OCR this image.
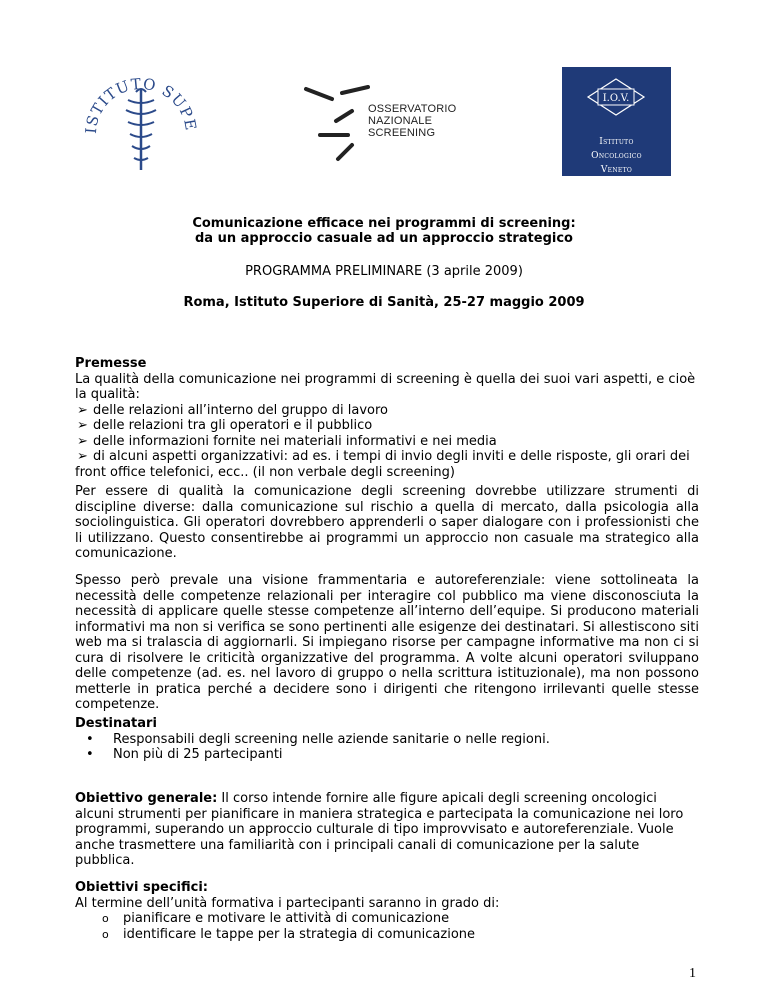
ISTITUTO SUPE
OSSERVATORIO
NAZIONALE
SCREENING
I.O.V.
Istituto
Oncologico
Veneto
Comunicazione efficace nei programmi di screening:
da un approccio casuale ad un approccio strategico
PROGRAMMA PRELIMINARE (3 aprile 2009)
Roma, Istituto Superiore di Sanità, 25-27 maggio 2009
Premesse
La qualità della comunicazione nei programmi di screening è quella dei suoi vari aspetti, e cioè la qualità:
➢ delle relazioni all’interno del gruppo di lavoro
➢ delle relazioni tra gli operatori e il pubblico
➢ delle informazioni fornite nei materiali informativi e nei media
➢ di alcuni aspetti organizzativi: ad es. i tempi di invio degli inviti e delle risposte, gli orari dei front office telefonici, ecc.. (il non verbale degli screening)
Per essere di qualità la comunicazione degli screening dovrebbe utilizzare strumenti di discipline diverse: dalla comunicazione sul rischio a quella di mercato, dalla psicologia alla sociolinguistica. Gli operatori dovrebbero apprenderli o saper dialogare con i professionisti che li utilizzano. Questo consentirebbe ai programmi un approccio non casuale ma strategico alla comunicazione.
Spesso però prevale una visione frammentaria e autoreferenziale: viene sottolineata la necessità delle competenze relazionali per interagire col pubblico ma viene disconosciuta la necessità di applicare quelle stesse competenze all’interno dell’equipe. Si producono materiali informativi ma non si verifica se sono pertinenti alle esigenze dei destinatari. Si allestiscono siti web ma si tralascia di aggiornarli. Si impiegano risorse per campagne informative ma non ci si cura di risolvere le criticità organizzative del programma. A volte alcuni operatori sviluppano delle competenze (ad. es. nel lavoro di gruppo o nella scrittura istituzionale), ma non possono metterle in pratica perché a decidere sono i dirigenti che ritengono irrilevanti quelle stesse competenze.
Destinatari
• Responsabili degli screening nelle aziende sanitarie o nelle regioni.
• Non più di 25 partecipanti
Obiettivo generale: Il corso intende fornire alle figure apicali degli screening oncologici alcuni strumenti per pianificare in maniera strategica e partecipata la comunicazione nei loro programmi, superando un approccio culturale di tipo improvvisato e autoreferenziale. Vuole anche trasmettere una familiarità con i principali canali di comunicazione per la salute pubblica.
Obiettivi specifici:
Al termine dell’unità formativa i partecipanti saranno in grado di:
o pianificare e motivare le attività di comunicazione
o identificare le tappe per la strategia di comunicazione
1
